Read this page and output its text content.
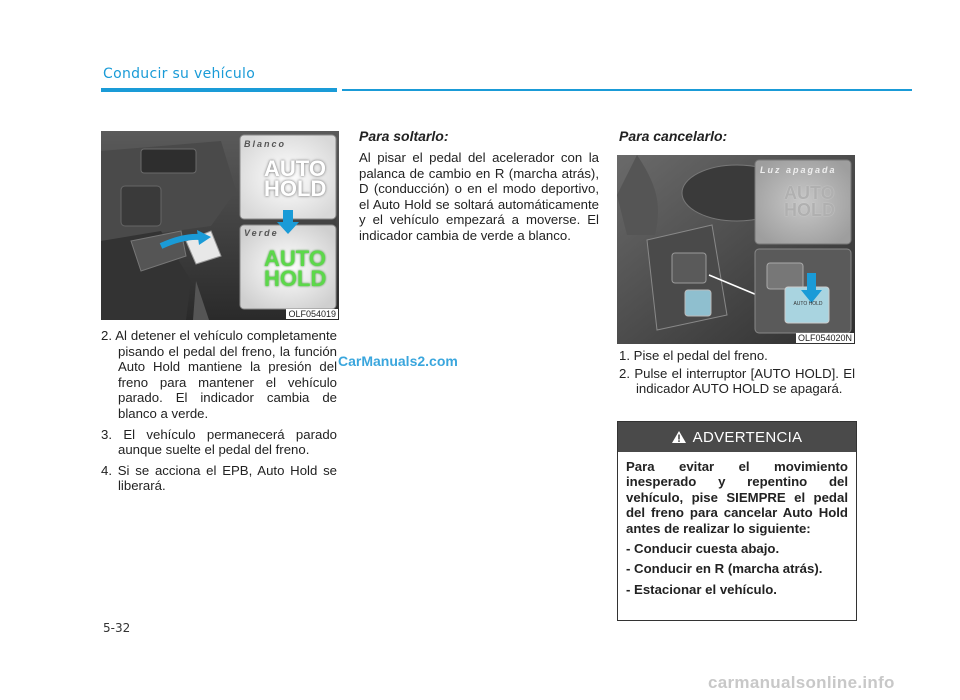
Conducir su vehículo
Blanco
AUTO
HOLD
Verde
AUTO
HOLD
OLF054019
2. Al detener el vehículo completamente pisando el pedal del freno, la función Auto Hold mantiene la presión del freno para mantener el vehículo parado. El indicador cambia de blanco a verde.
3. El vehículo permanecerá parado aunque suelte el pedal del freno.
4. Si se acciona el EPB, Auto Hold se liberará.
Para soltarlo:

Al pisar el pedal del acelerador con la palanca de cambio en R (marcha atrás), D (conducción) o en el modo deportivo, el Auto Hold se soltará automáticamente y el vehículo empezará a moverse. El indicador cambia de verde a blanco.

Para cancelarlo:
Luz apagada
AUTO
HOLD
AUTO HOLD
OLF054020N
1. Pise el pedal del freno.
2. Pulse el interruptor [AUTO HOLD]. El indicador AUTO HOLD se apagará.
ADVERTENCIA

Para evitar el movimiento inesperado y repentino del vehículo, pise SIEMPRE el pedal del freno para cancelar Auto Hold antes de realizar lo siguiente:

- Conducir cuesta abajo.

- Conducir en R (marcha atrás).

- Estacionar el vehículo.

5-32
CarManuals2.com
carmanualsonline.info
